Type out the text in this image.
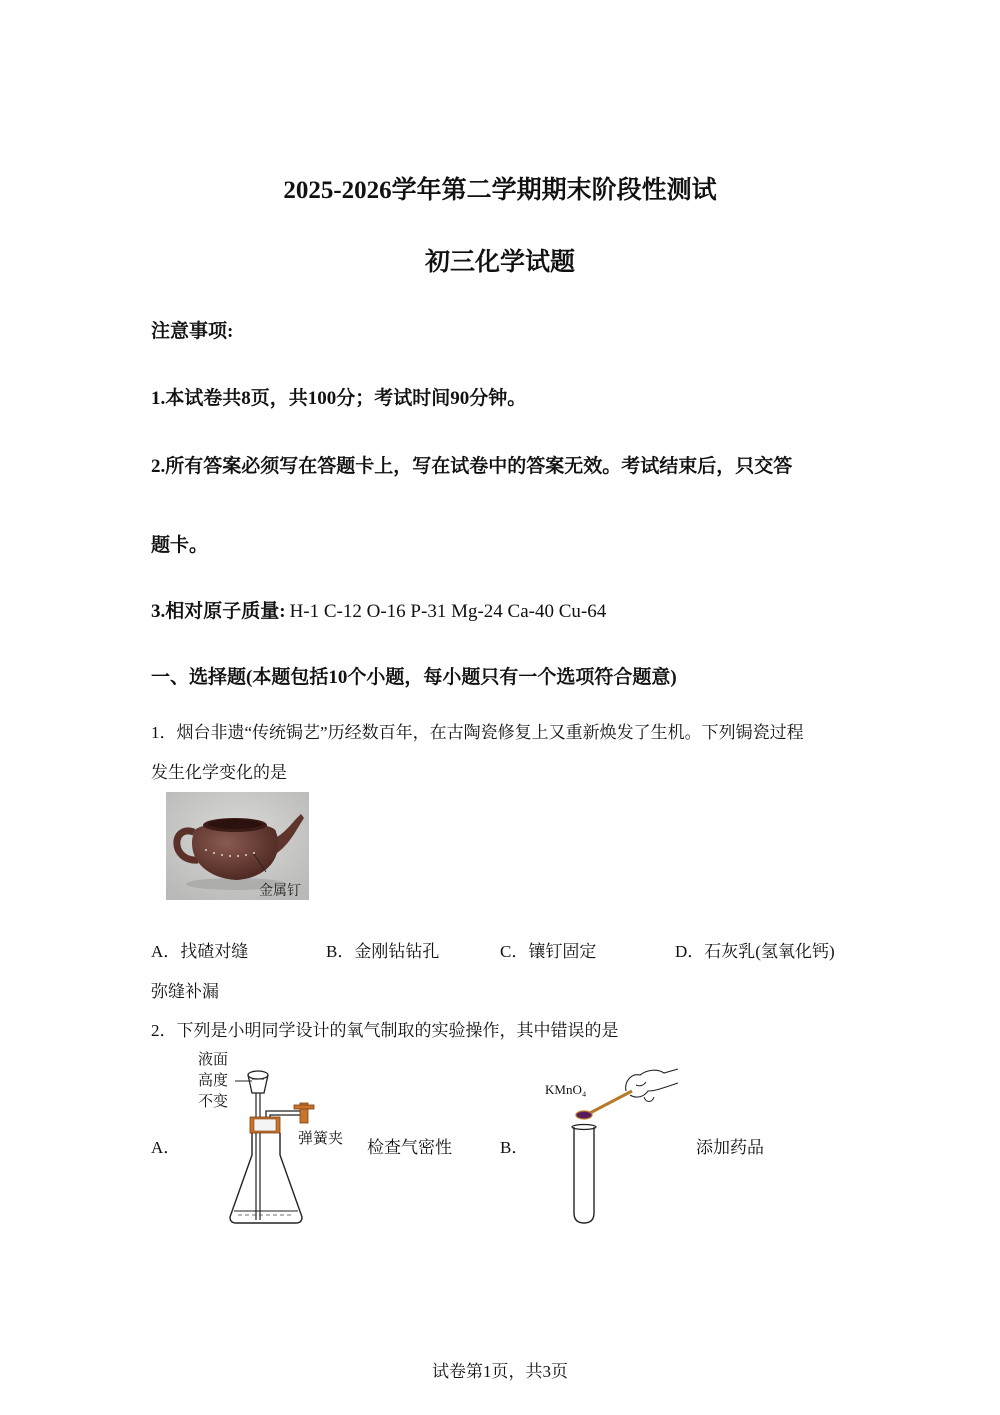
2025-2026学年第二学期期末阶段性测试
初三化学试题
注意事项:
1.本试卷共8页，共100分；考试时间90分钟。
2.所有答案必须写在答题卡上，写在试卷中的答案无效。考试结束后，只交答
题卡。
3.相对原子质量: H-1 C-12 O-16 P-31 Mg-24 Ca-40 Cu-64
一、选择题(本题包括10个小题，每小题只有一个选项符合题意)
1．烟台非遗“传统锔艺”历经数百年，在古陶瓷修复上又重新焕发了生机。下列锔瓷过程
发生化学变化的是
金属钉
A．找碴对缝	B．金刚钻钻孔	C．镶钉固定	D．石灰乳(氢氧化钙)
弥缝补漏
2．下列是小明同学设计的氧气制取的实验操作，其中错误的是
A．
液面
高度
不变
弹簧夹 检查气密性	B．
KMnO₄
添加药品
试卷第1页，共3页
